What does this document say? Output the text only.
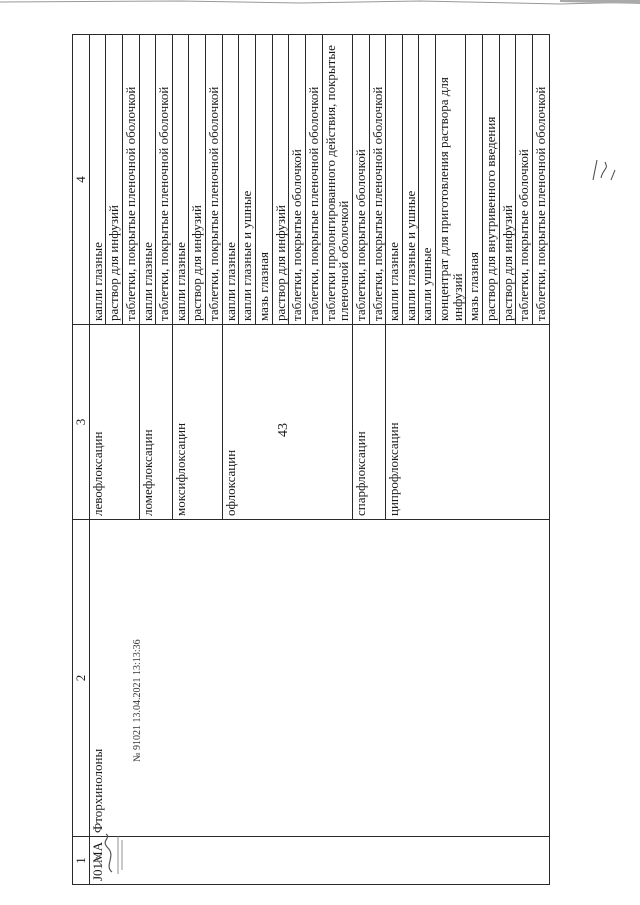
43
1	2	3	4
J01MA	Фторхинолоны	левофлоксацин	капли глазные
			раствор для инфузий
			таблетки, покрытые пленочной оболочкой
		ломефлоксацин	капли глазные
			таблетки, покрытые пленочной оболочкой
		моксифлоксацин	капли глазные
			раствор для инфузий
			таблетки, покрытые пленочной оболочкой
		офлоксацин	капли глазные
			капли глазные и ушные
			мазь глазная
			раствор для инфузий
			таблетки, покрытые оболочкой
			таблетки, покрытые пленочной оболочкой
			таблетки пролонгированного действия, покрытые пленочной оболочкой
		спарфлоксацин	таблетки, покрытые оболочкой
			таблетки, покрытые пленочной оболочкой
		ципрофлоксацин	капли глазные
			капли глазные и ушные
			капли ушные
			концентрат для приготовления раствора для инфузий
			мазь глазная
			раствор для внутривенного введения
			раствор для инфузий
			таблетки, покрытые оболочкой
			таблетки, покрытые пленочной оболочкой
№ 91021 13.04.2021 13:13:36
